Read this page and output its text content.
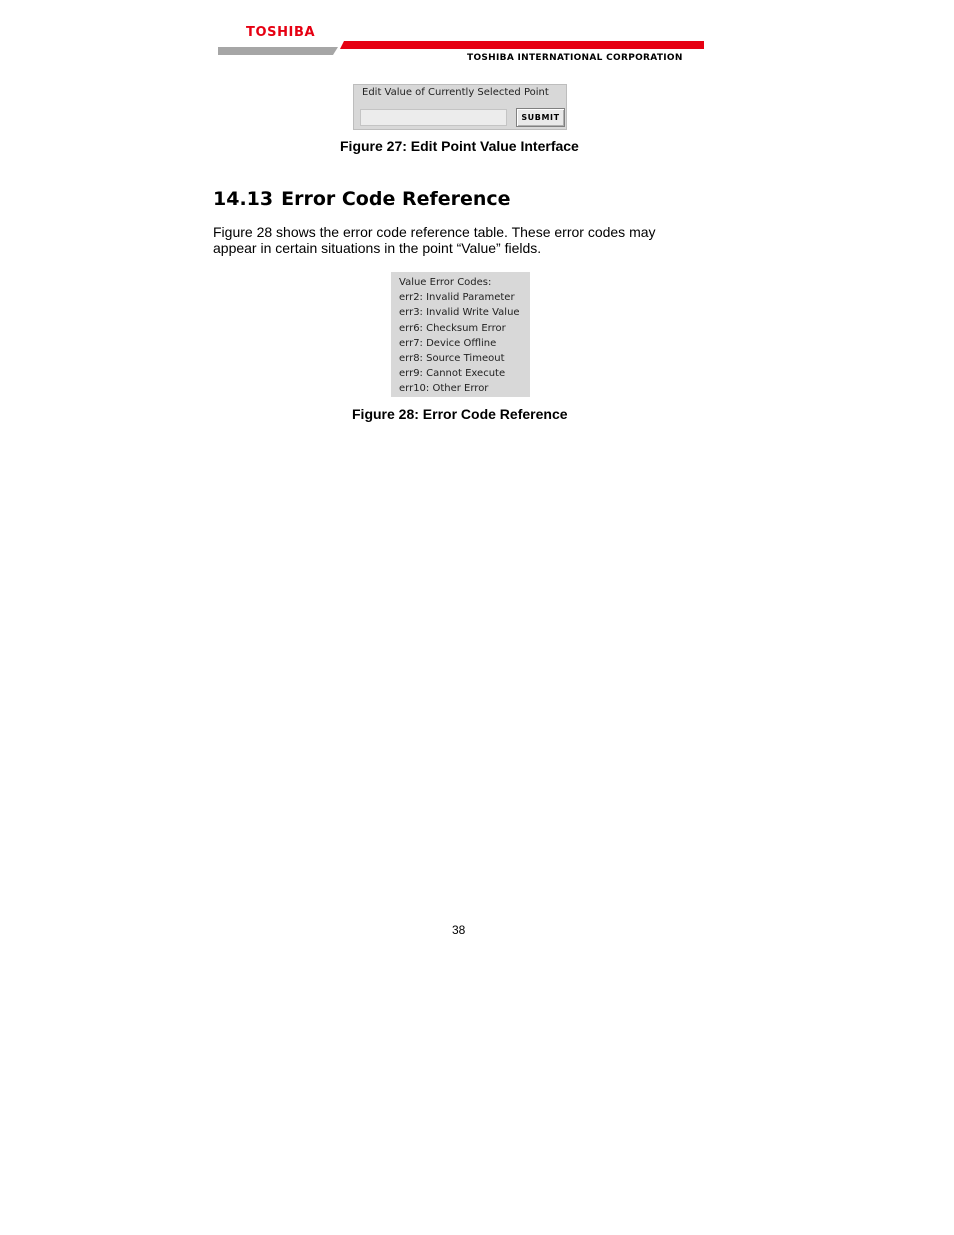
TOSHIBA
TOSHIBA INTERNATIONAL CORPORATION
Edit Value of Currently Selected Point
SUBMIT
Figure 27: Edit Point Value Interface
14.13 Error Code Reference
Figure 28 shows the error code reference table. These error codes may appear in certain situations in the point “Value” fields.
Value Error Codes:
err2: Invalid Parameter
err3: Invalid Write Value
err6: Checksum Error
err7: Device Offline
err8: Source Timeout
err9: Cannot Execute
err10: Other Error
Figure 28: Error Code Reference
38
